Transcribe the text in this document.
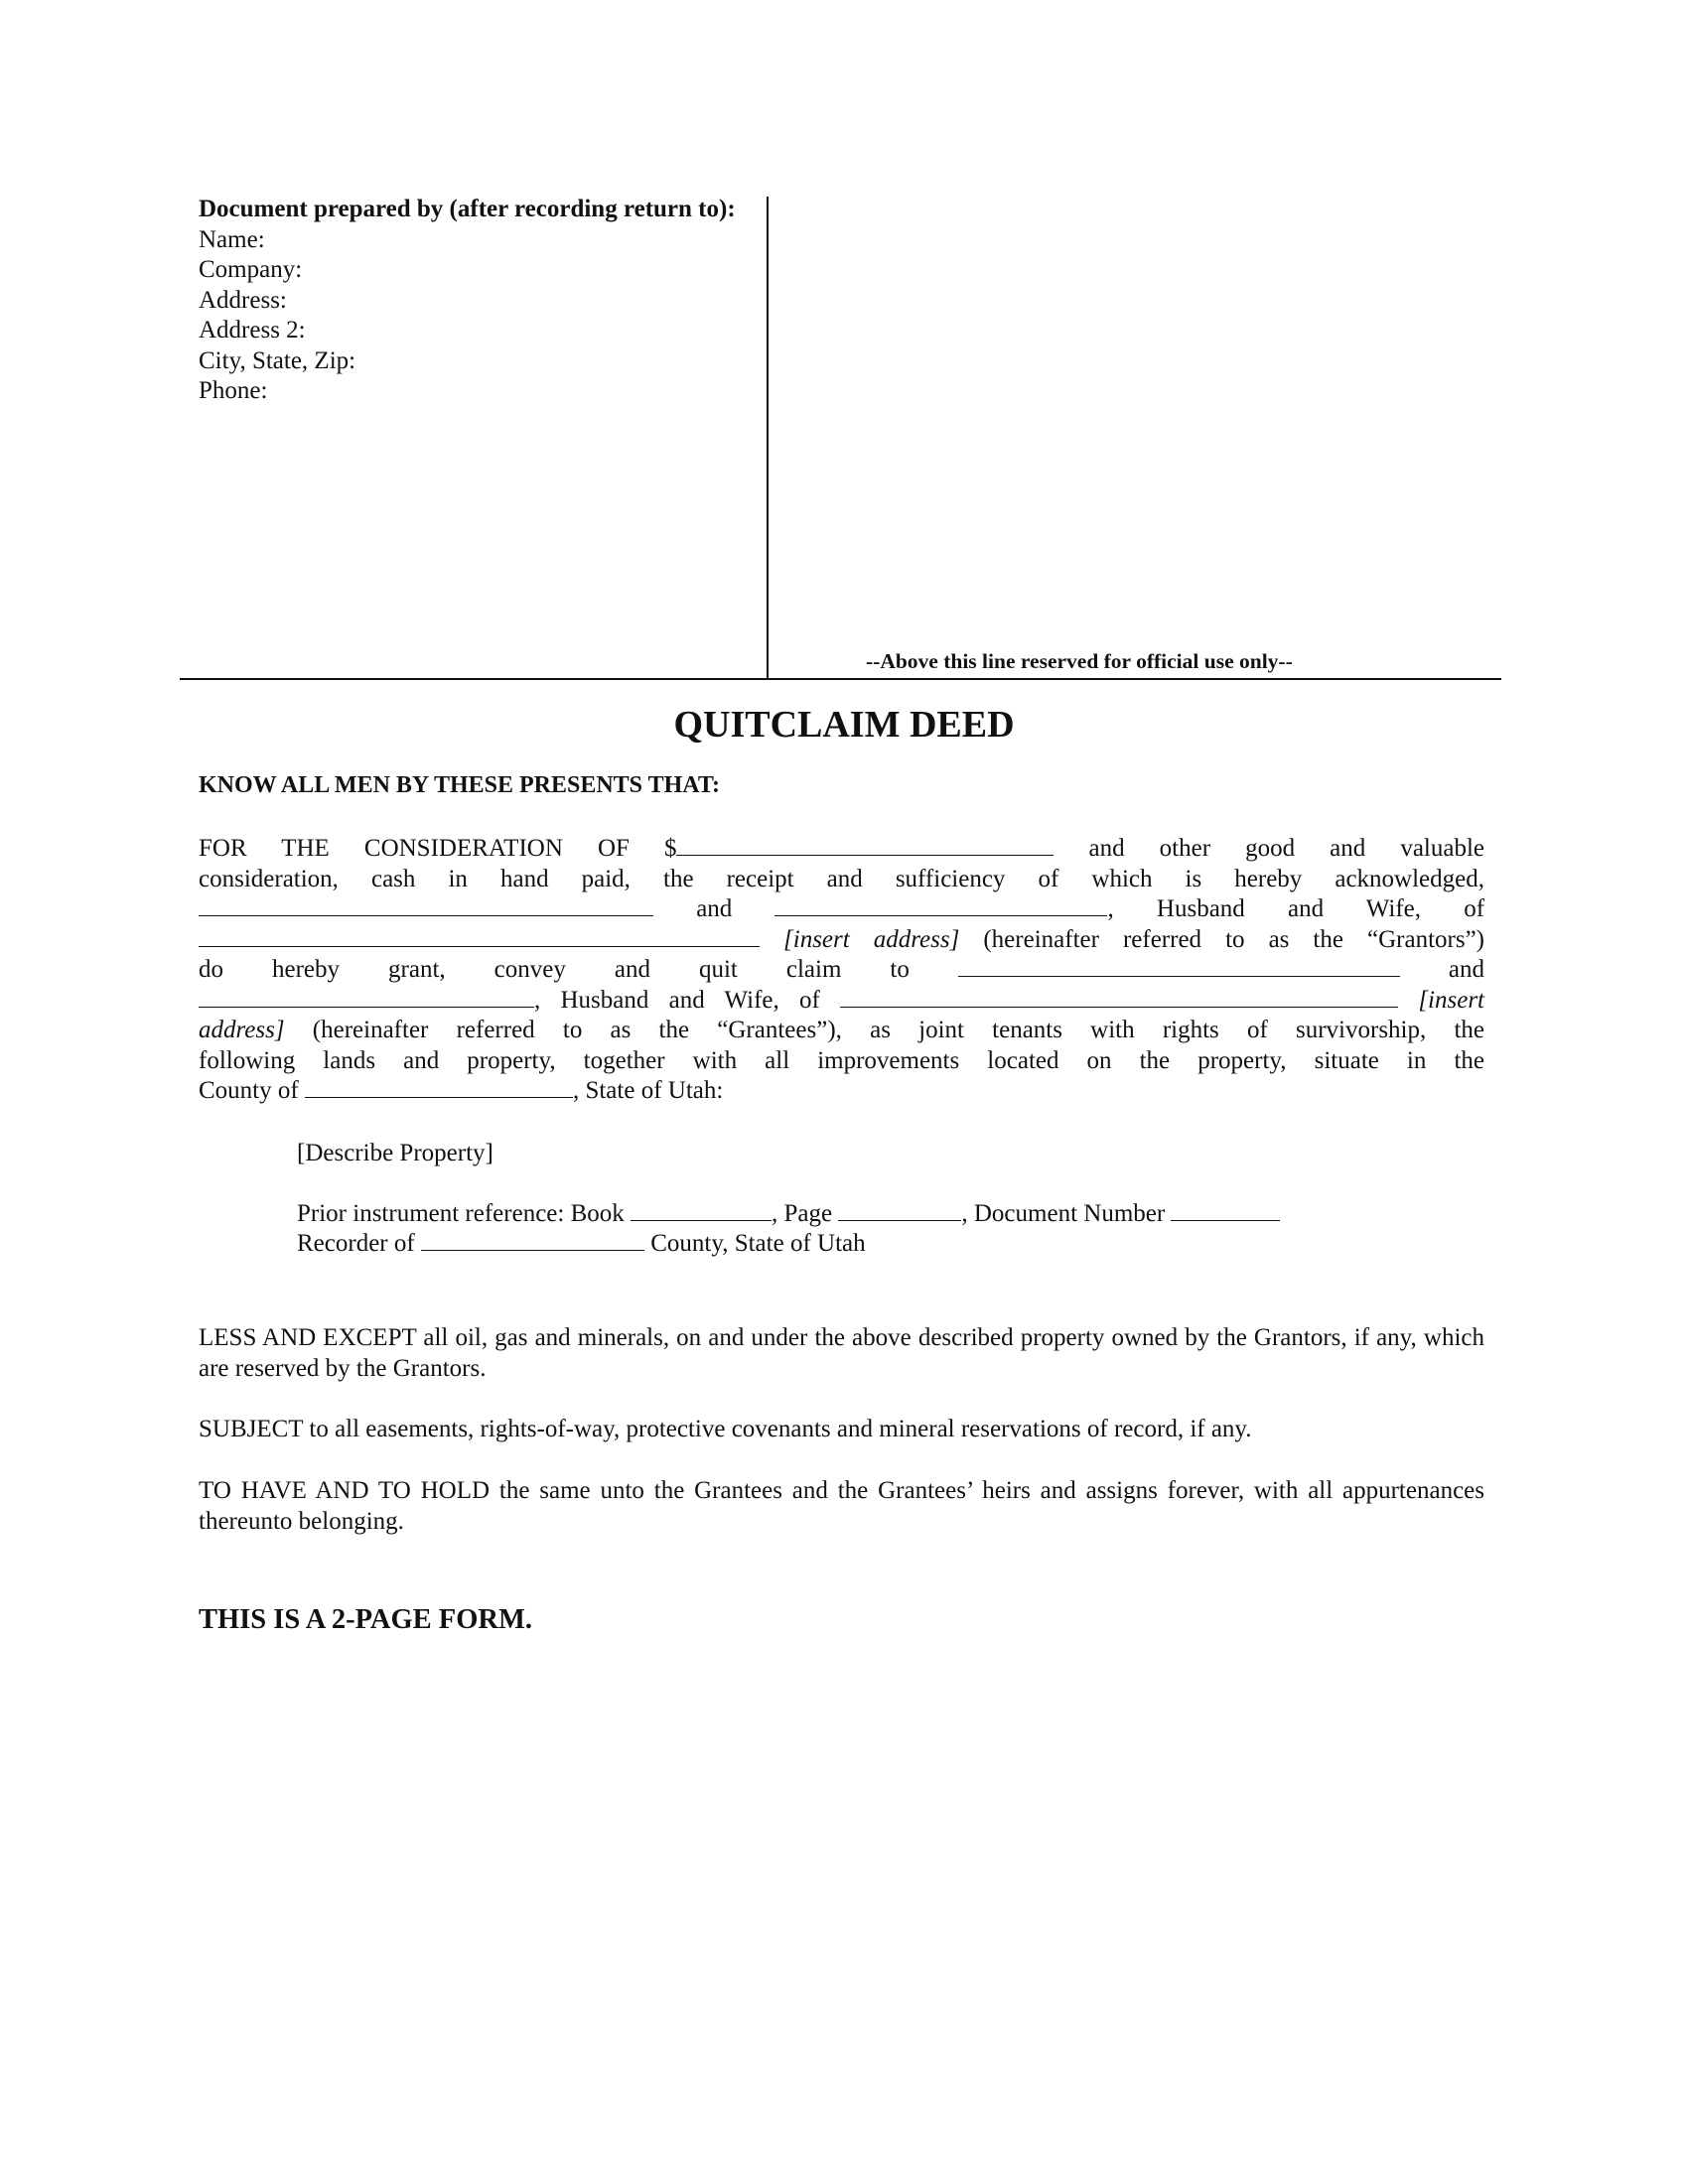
Document prepared by (after recording return to):
Name:
Company:
Address:
Address 2:
City, State, Zip:
Phone:
--Above this line reserved for official use only--
QUITCLAIM DEED
KNOW ALL MEN BY THESE PRESENTS THAT:
FOR THE CONSIDERATION OF $	and other good and valuable
consideration, cash in hand paid, the receipt and sufficiency of which is hereby acknowledged,
and	, Husband and Wife, of
[insert address] (hereinafter referred to as the “Grantors”)
do hereby grant, convey and quit claim to	and
, Husband and Wife, of	[insert
address] (hereinafter referred to as the “Grantees”), as joint tenants with rights of survivorship, the
following lands and property, together with all improvements located on the property, situate in the
County of	, State of Utah:
[Describe Property]
Prior instrument reference: Book	, Page	, Document Number
Recorder of	County, State of Utah
LESS AND EXCEPT all oil, gas and minerals, on and under the above described property owned by the Grantors, if any, which are reserved by the Grantors.
SUBJECT to all easements, rights-of-way, protective covenants and mineral reservations of record, if any.
TO HAVE AND TO HOLD the same unto the Grantees and the Grantees’ heirs and assigns forever, with all appurtenances thereunto belonging.
THIS IS A 2-PAGE FORM.
